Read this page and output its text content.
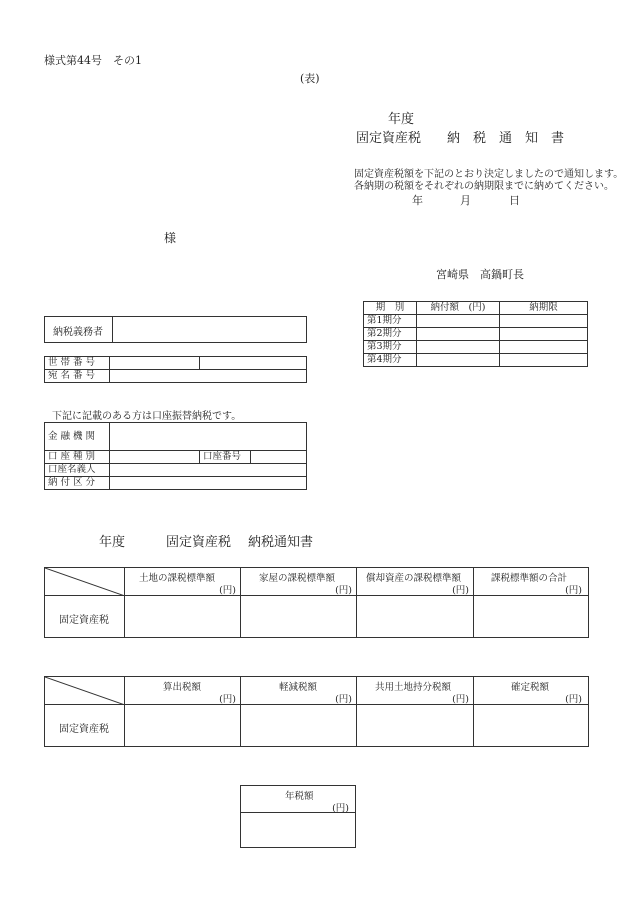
様式第44号　その1
(表)
年度
固定資産税　　納　税　通　知　書
固定資産税額を下記のとおり決定しましたので通知します。
各納期の税額をそれぞれの納期限までに納めてください。
年	月	日
様
宮崎県　高鍋町長
納税義務者
世 帯 番 号		
宛 名 番 号		
期　別	納付額　(円)	納期限
第1期分		
第2期分		
第3期分		
第4期分		
下記に記載のある方は口座振替納税です。
金 融 機 関			
口 座 種 別		口座番号	
口座名義人			
納 付 区 分			
年度	固定資産税 納税通知書
土地の課税標準額	家屋の課税標準額	償却資産の課税標準額	課税標準額の合計
(円)	(円)	(円)	(円)
固定資産税
算出税額	軽減税額	共用土地持分税額	確定税額
(円)	(円)	(円)	(円)
固定資産税
年税額
(円)
